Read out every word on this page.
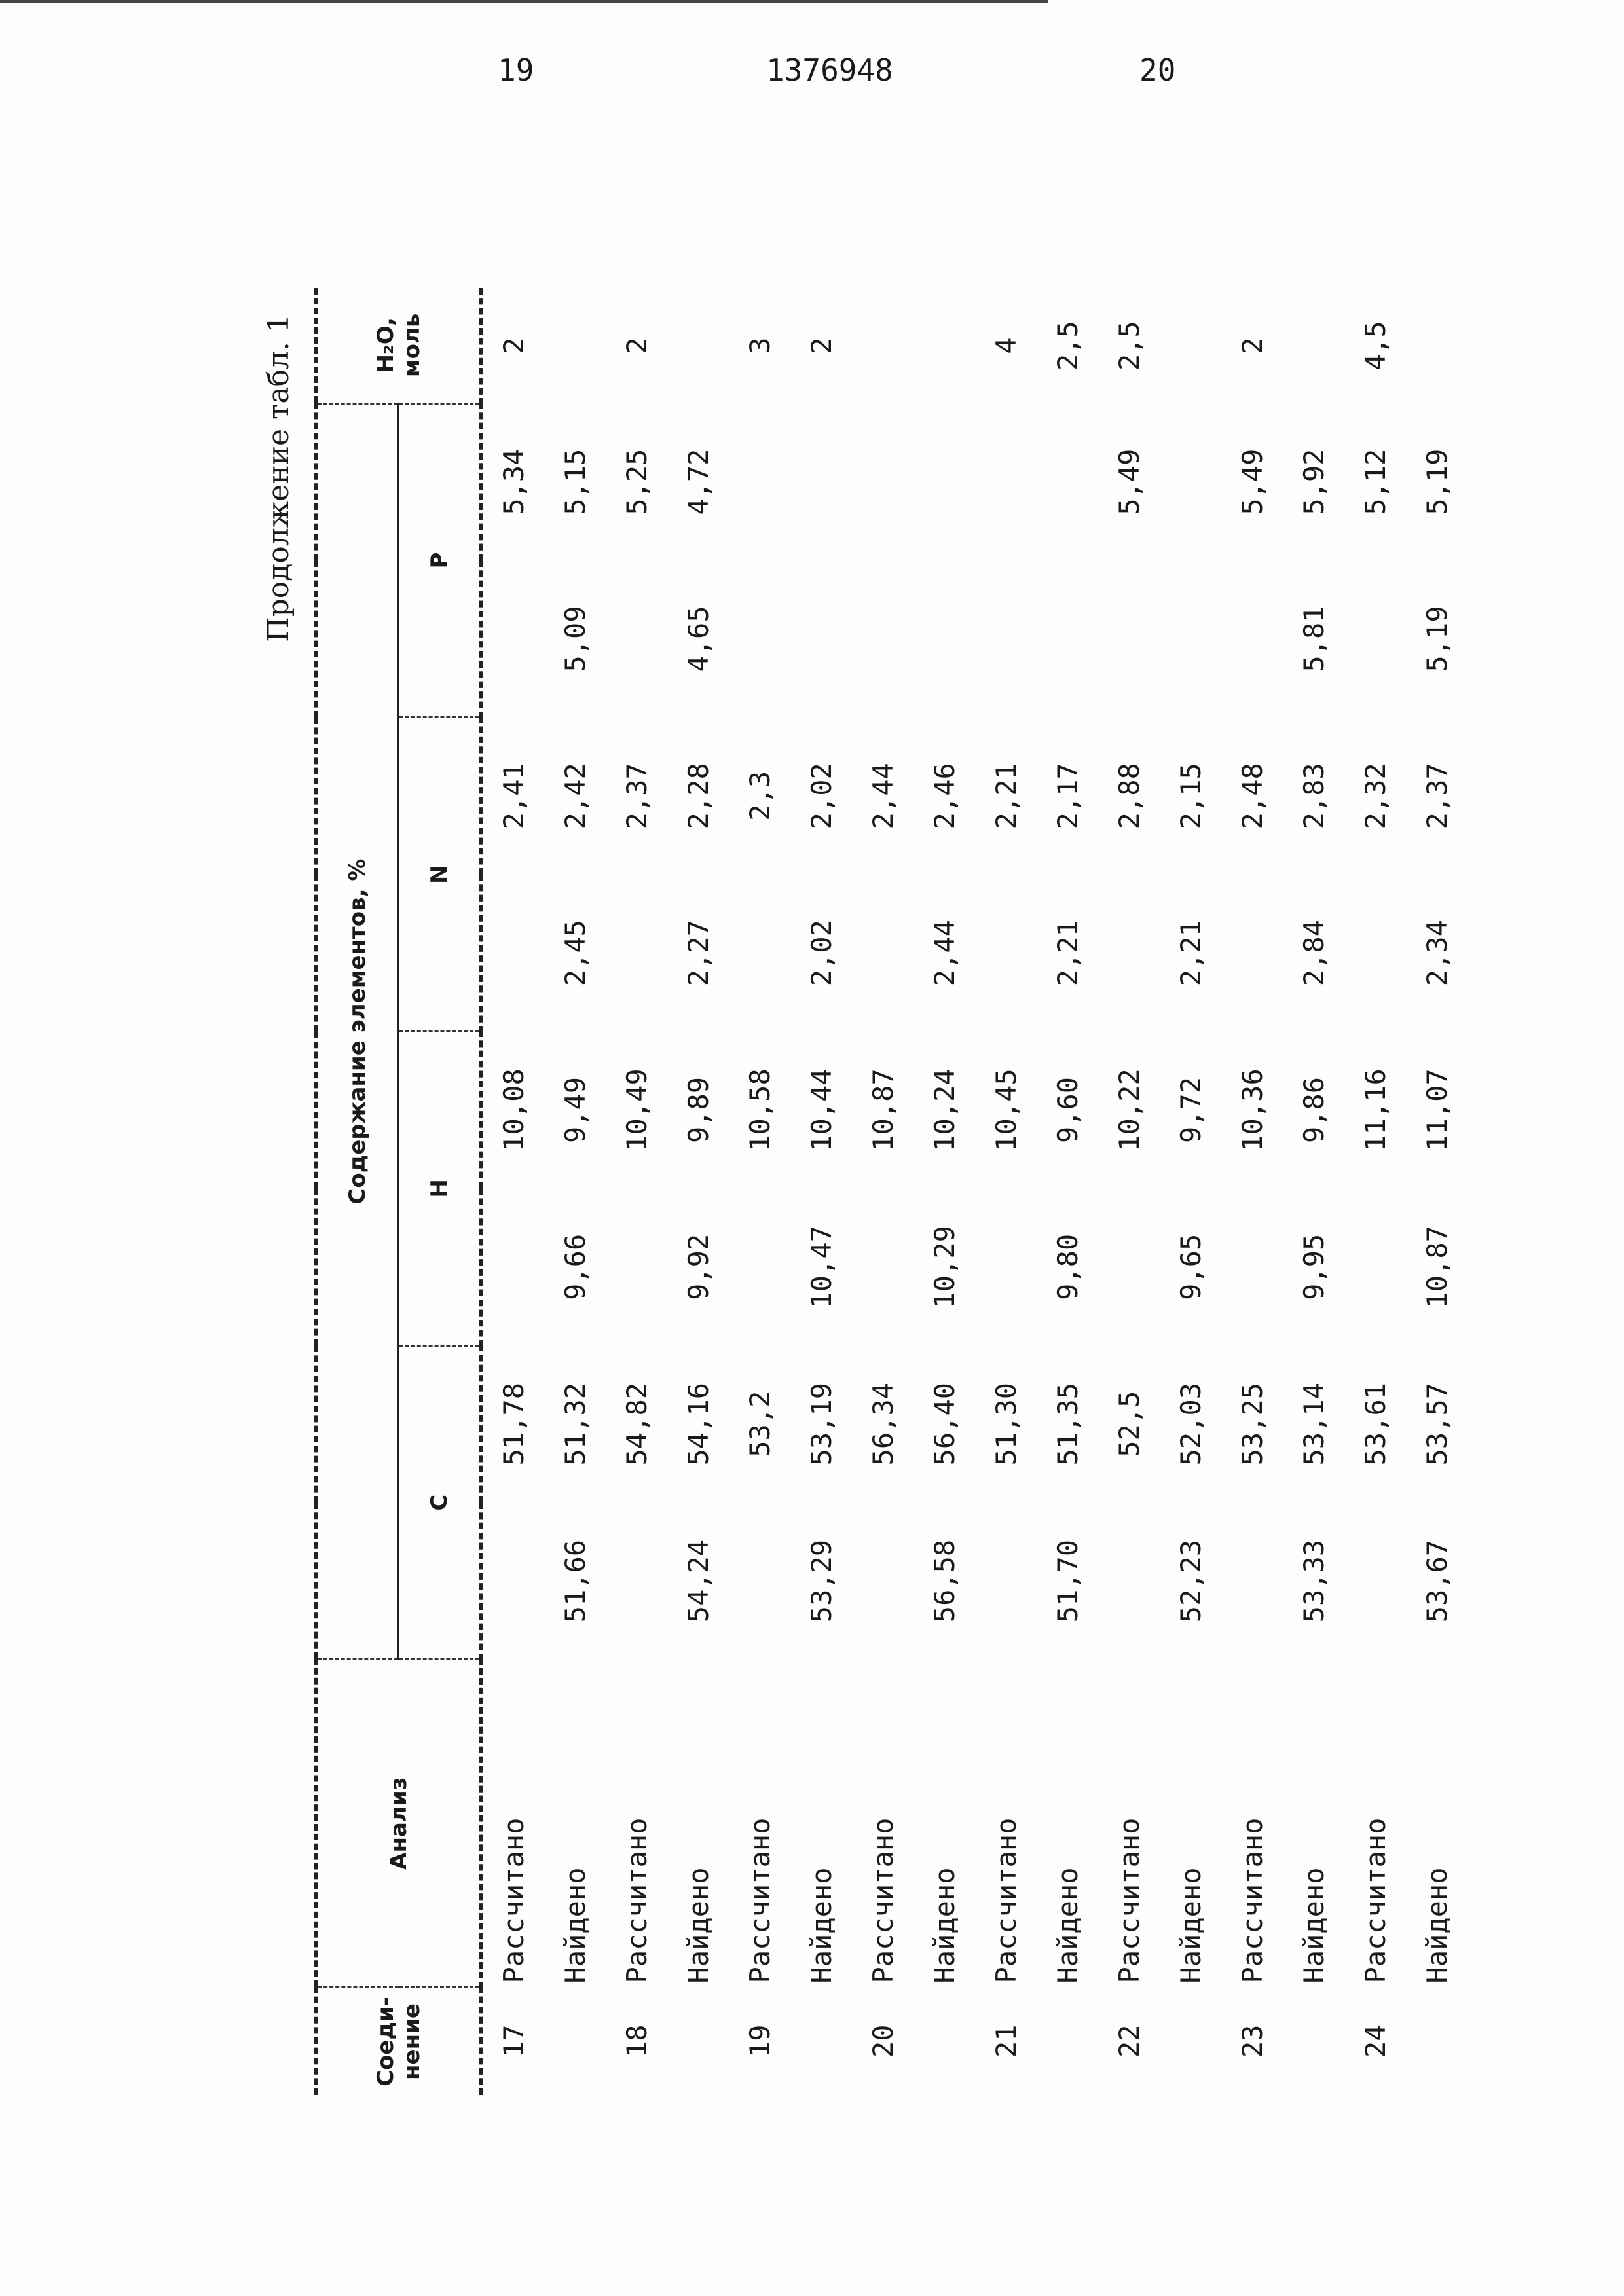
19	1376948	20
Продолжение табл. 1
Соеди-нение	Анализ	Содержание элементов, %								H₂O, моль
		C		H		N		P		
17	Рассчитано		51,78		10,08		2,41		5,34	2
	Найдено	51,66	51,32	9,66	9,49	2,45	2,42	5,09	5,15	
18	Рассчитано		54,82		10,49		2,37		5,25	2
	Найдено	54,24	54,16	9,92	9,89	2,27	2,28	4,65	4,72	
19	Рассчитано		53,2		10,58		2,3			3
	Найдено	53,29	53,19	10,47	10,44	2,02	2,02			2
20	Рассчитано		56,34		10,87		2,44			
	Найдено	56,58	56,40	10,29	10,24	2,44	2,46			
21	Рассчитано		51,30		10,45		2,21			4
	Найдено	51,70	51,35	9,80	9,60	2,21	2,17			2,5
22	Рассчитано		52,5		10,22		2,88		5,49	2,5
	Найдено	52,23	52,03	9,65	9,72	2,21	2,15			
23	Рассчитано		53,25		10,36		2,48		5,49	2
	Найдено	53,33	53,14	9,95	9,86	2,84	2,83	5,81	5,92	
24	Рассчитано		53,61		11,16		2,32		5,12	4,5
	Найдено	53,67	53,57	10,87	11,07	2,34	2,37	5,19	5,19	
